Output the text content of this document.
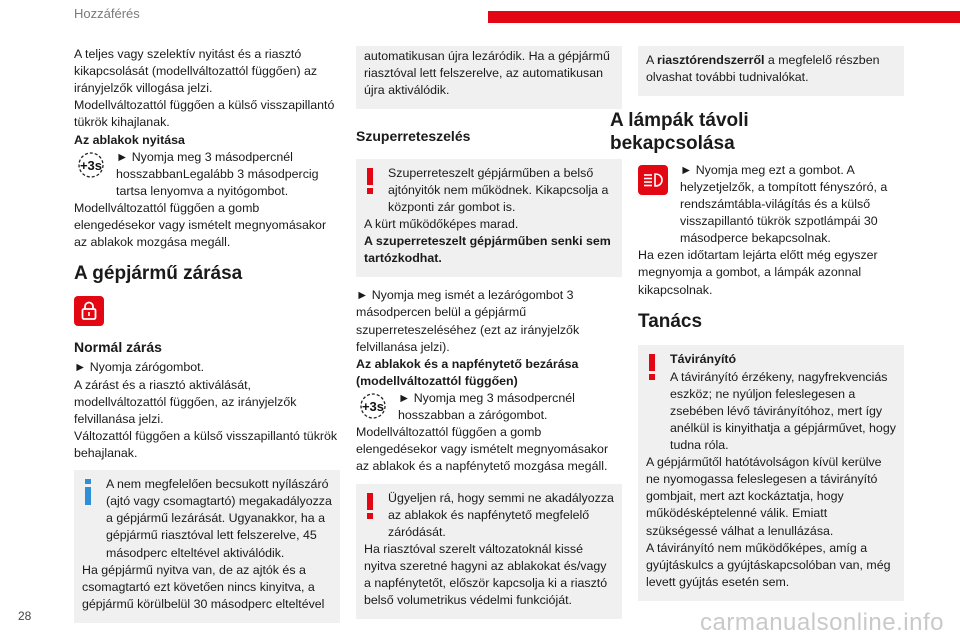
Hozzáférés

A teljes vagy szelektív nyitást és a riasztó kikapcsolását (modellváltozattól függően) az irányjelzők villogása jelzi.

Modellváltozattól függően a külső visszapillantó tükrök kihajlanak.

Az ablakok nyitása

+3s
► Nyomja meg 3 másodpercnél hosszabbanLegalább 3 másodpercig tartsa lenyomva a nyitógombot.

Modellváltozattól függően a gomb elengedésekor vagy ismételt megnyomásakor az ablakok mozgása megáll.

A gépjármű zárása
Normál zárás

► Nyomja zárógombot.

A zárást és a riasztó aktiválását, modellváltozattól függően, az irányjelzők felvillanása jelzi.

Változattól függően a külső visszapillantó tükrök behajlanak.

A nem megfelelően becsukott nyílászáró (ajtó vagy csomagtartó) megakadályozza a gépjármű lezárását. Ugyanakkor, ha a gépjármű riasztóval lett felszerelve, 45 másodperc elteltével aktiválódik.
Ha gépjármű nyitva van, de az ajtók és a csomagtartó ezt követően nincs kinyitva, a gépjármű körülbelül 30 másodperc elteltével
automatikusan újra lezáródik. Ha a gépjármű riasztóval lett felszerelve, az automatikusan újra aktiválódik.
Szuperreteszelés
Szuperreteszelt gépjárműben a belső ajtónyitók nem működnek. Kikapcsolja a központi zár gombot is.
A kürt működőképes marad.
A szuperreteszelt gépjárműben senki sem tartózkodhat.

► Nyomja meg ismét a lezárógombot 3 másodpercen belül a gépjármű szuperreteszeléséhez (ezt az irányjelzők felvillanása jelzi).

Az ablakok és a napfénytető bezárása (modellváltozattól függően)

+3s
► Nyomja meg 3 másodpercnél hosszabban a zárógombot.

Modellváltozattól függően a gomb elengedésekor vagy ismételt megnyomásakor az ablakok és a napfénytető mozgása megáll.

Ügyeljen rá, hogy semmi ne akadályozza az ablakok és napfénytető megfelelő záródását.
Ha riasztóval szerelt változatoknál kissé nyitva szeretné hagyni az ablakokat és/vagy a napfénytetőt, először kapcsolja ki a riasztó belső volumetrikus védelmi funkcióját.
A riasztórendszerről a megfelelő részben olvashat további tudnivalókat.
A lámpák távoli bekapcsolása
► Nyomja meg ezt a gombot. A helyzetjelzők, a tompított fényszóró, a rendszámtábla-világítás és a külső visszapillantó tükrök szpotlámpái 30 másodperce bekapcsolnak.

Ha ezen időtartam lejárta előtt még egyszer megnyomja a gombot, a lámpák azonnal kikapcsolnak.

Tanács
Távirányító
A távirányító érzékeny, nagyfrekvenciás eszköz; ne nyúljon feleslegesen a zsebében lévő távirányítóhoz, mert így anélkül is kinyithatja a gépjárművet, hogy tudna róla.
A gépjárműtől hatótávolságon kívül kerülve ne nyomogassa feleslegesen a távirányító gombjait, mert azt kockáztatja, hogy működésképtelenné válik. Emiatt szükségessé válhat a lenullázása.
A távirányító nem működőképes, amíg a gyújtáskulcs a gyújtáskapcsolóban van, még levett gyújtás esetén sem.
28	carmanualsonline.info
